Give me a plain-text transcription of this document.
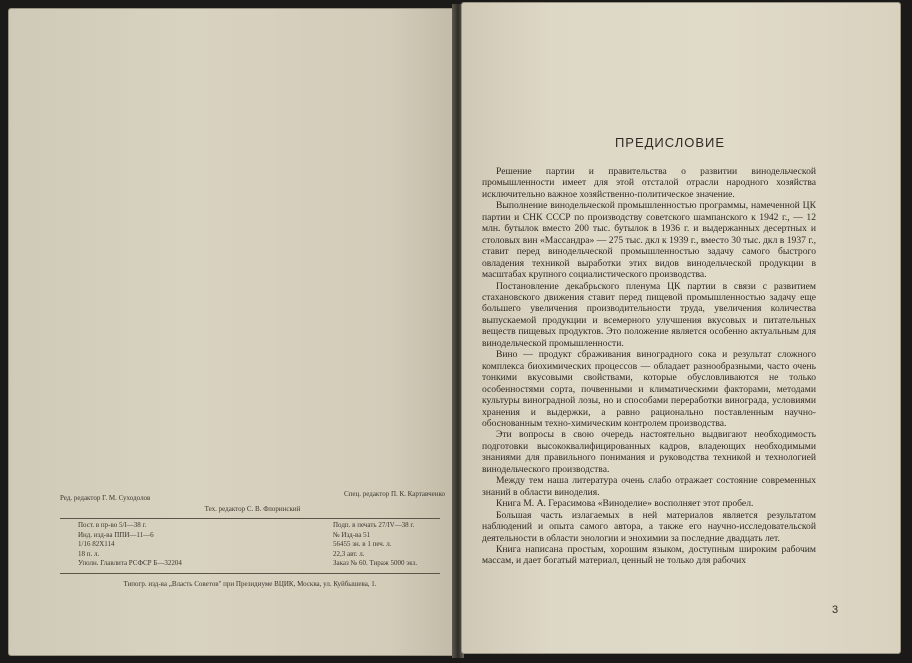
Ред. редактор Г. М. Суходолов	Спец. редактор П. К. Картавченко
Тех. редактор С. В. Флоринский
Пост. в пр-во 5/I—38 г.
Инд. изд-ва ППИ—11—6
1/16 82Х114
18 п. л.
Уполн. Главлита РСФСР Б—32204
Подп. в печать 27/IV—38 г.
№ Изд-ва 51
56455 зн. в 1 печ. л.
22,3 авт. л.
Заказ № 60. Тираж 5000 экз.
Типогр. изд-ва „Власть Советов" при Президиуме ВЦИК, Москва, ул. Куйбышева, 1.
ПРЕДИСЛОВИЕ

Решение партии и правительства о развитии винодельческой промышленности имеет для этой отсталой отрасли народного хозяйства исключительно важное хозяйственно-политическое значение.

Выполнение винодельческой промышленностью программы, намеченной ЦК партии и СНК СССР по производству советского шампанского к 1942 г., — 12 млн. бутылок вместо 200 тыс. бутылок в 1936 г. и выдержанных десертных и столовых вин «Массандра» — 275 тыс. дкл к 1939 г., вместо 30 тыс. дкл в 1937 г., ставит перед винодельческой промышленностью задачу самого быстрого овладения техникой выработки этих видов винодельческой продукции в масштабах крупного социалистического производства.

Постановление декабрьского пленума ЦК партии в связи с развитием стахановского движения ставит перед пищевой промышленностью задачу еще большего увеличения производительности труда, увеличения количества выпускаемой продукции и всемерного улучшения вкусовых и питательных веществ пищевых продуктов. Это положение является особенно актуальным для винодельческой промышленности.

Вино — продукт сбраживания виноградного сока и результат сложного комплекса биохимических процессов — обладает разнообразными, часто очень тонкими вкусовыми свойствами, которые обусловливаются не только особенностями сорта, почвенными и климатическими факторами, методами культуры виноградной лозы, но и способами переработки винограда, условиями хранения и выдержки, а равно рационально поставленным научно-обоснованным техно-химическим контролем производства.

Эти вопросы в свою очередь настоятельно выдвигают необходимость подготовки высококвалифицированных кадров, владеющих необходимыми знаниями для правильного понимания и руководства техникой и технологией винодельческого производства.

Между тем наша литература очень слабо отражает состояние современных знаний в области виноделия.

Книга М. А. Герасимова «Виноделие» восполняет этот пробел.

Большая часть излагаемых в ней материалов является результатом наблюдений и опыта самого автора, а также его научно-исследовательской деятельности в области энологии и энохимии за последние двадцать лет.

Книга написана простым, хорошим языком, доступным широким рабочим массам, и дает богатый материал, ценный не только для рабочих

3
